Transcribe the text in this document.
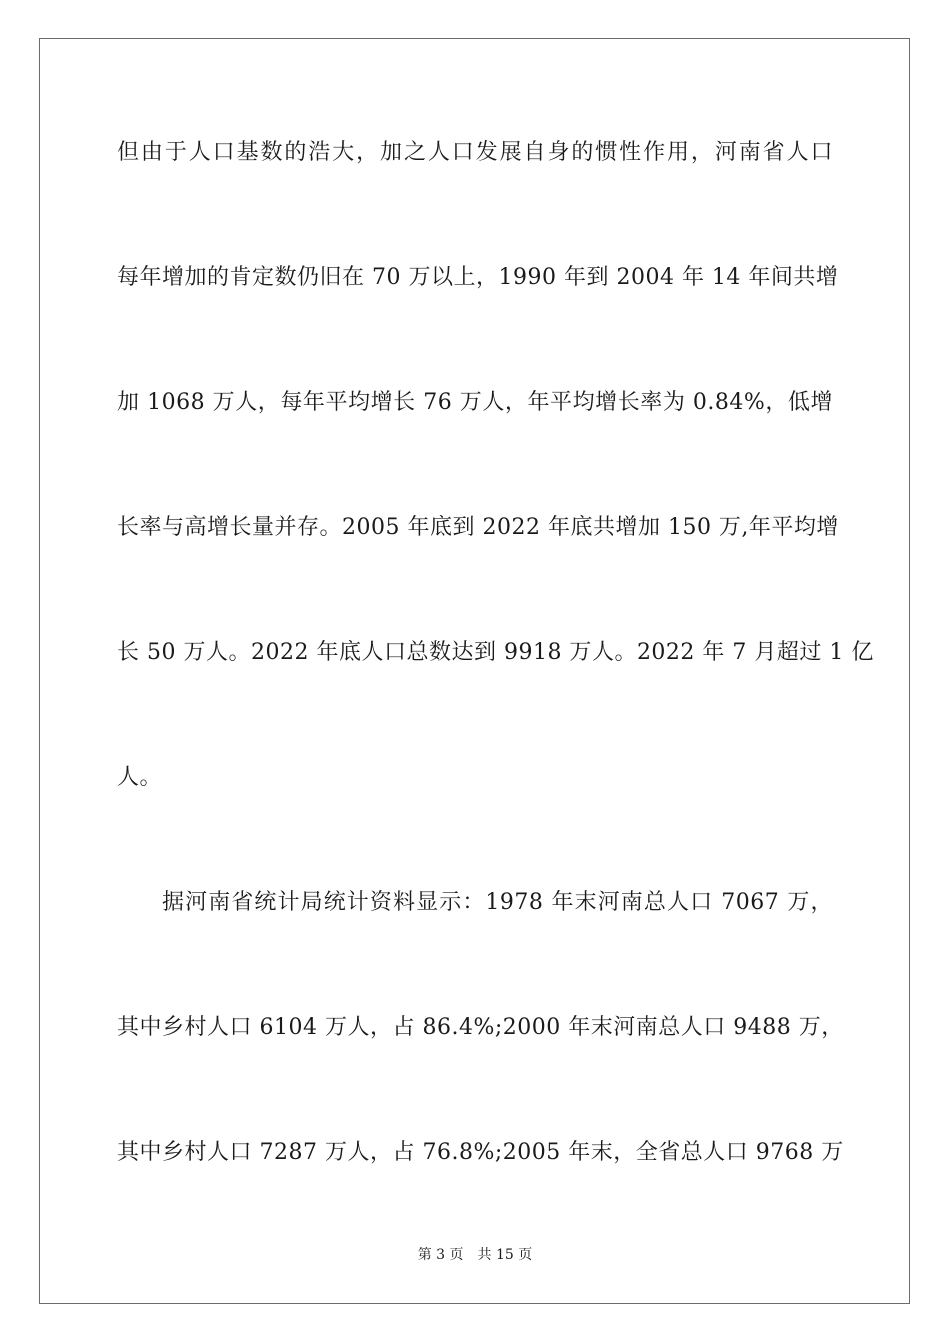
但由于人口基数的浩大，加之人口发展自身的惯性作用，河南省人口
每年增加的肯定数仍旧在 70 万以上，1990 年到 2004 年 14 年间共增
加 1068 万人，每年平均增长 76 万人，年平均增长率为 0.84%，低增
长率与高增长量并存。2005 年底到 2022 年底共增加 150 万,年平均增
长 50 万人。2022 年底人口总数达到 9918 万人。2022 年 7 月超过 1 亿
人。
据河南省统计局统计资料显示：1978 年末河南总人口 7067 万，
其中乡村人口 6104 万人，占 86.4%;2000 年末河南总人口 9488 万，
其中乡村人口 7287 万人，占 76.8%;2005 年末，全省总人口 9768 万
第 3 页 共 15 页
